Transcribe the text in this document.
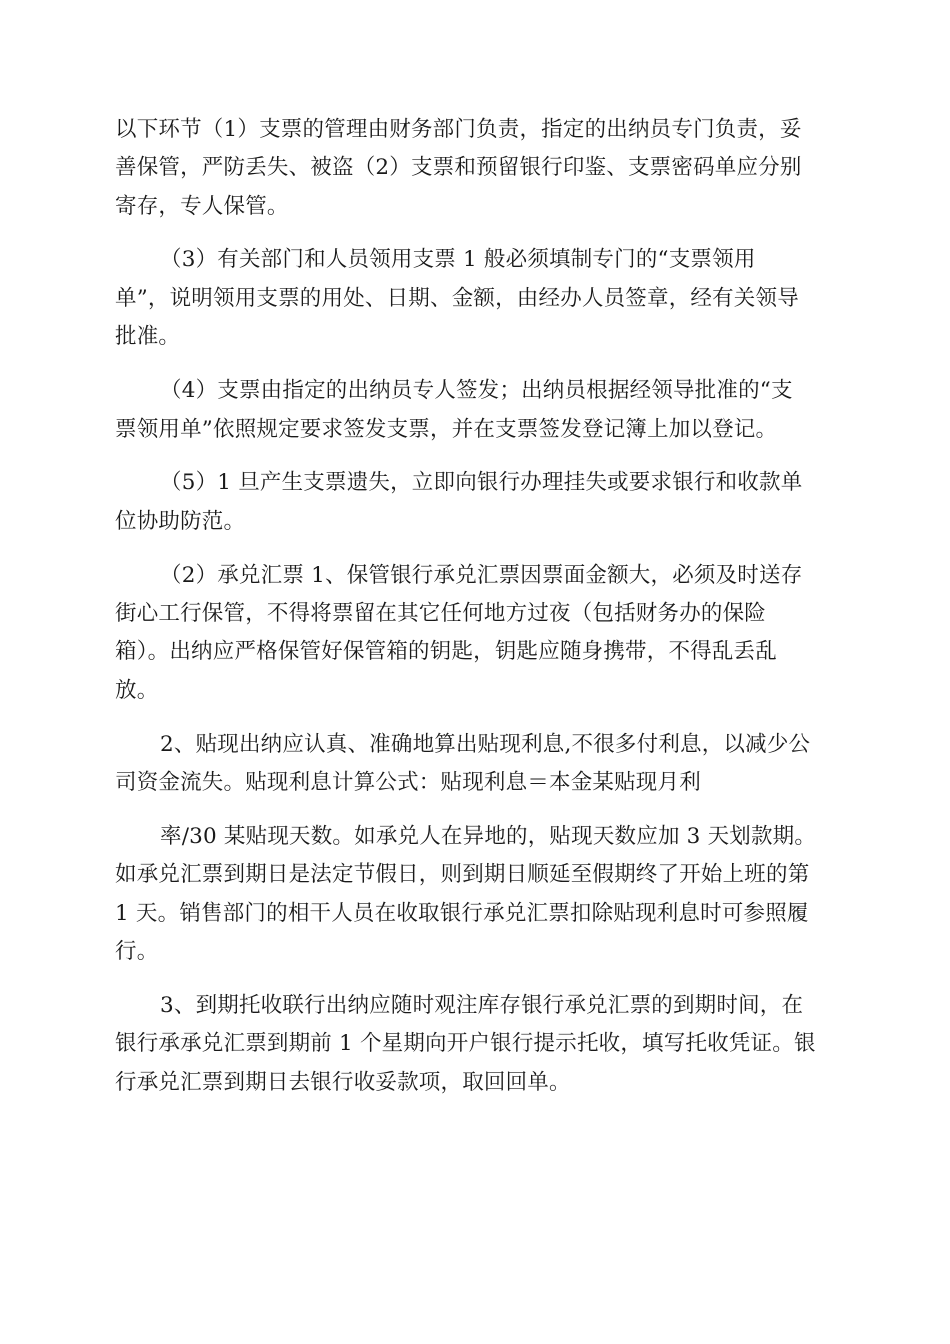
以下环节（1）支票的管理由财务部门负责，指定的出纳员专门负责，妥
善保管，严防丢失、被盗（2）支票和预留银行印鉴、支票密码单应分别
寄存，专人保管。
（3）有关部门和人员领用支票 1 般必须填制专门的“支票领用
单”，说明领用支票的用处、日期、金额，由经办人员签章，经有关领导
批准。
（4）支票由指定的出纳员专人签发；出纳员根据经领导批准的“支
票领用单”依照规定要求签发支票，并在支票签发登记簿上加以登记。
（5）1 旦产生支票遗失，立即向银行办理挂失或要求银行和收款单
位协助防范。
（2）承兑汇票 1、保管银行承兑汇票因票面金额大，必须及时送存
街心工行保管，不得将票留在其它任何地方过夜（包括财务办的保险
箱）。出纳应严格保管好保管箱的钥匙，钥匙应随身携带，不得乱丢乱
放。
2、贴现出纳应认真、准确地算出贴现利息,不很多付利息，以减少公
司资金流失。贴现利息计算公式：贴现利息＝本金某贴现月利
率/30 某贴现天数。如承兑人在异地的，贴现天数应加 3 天划款期。
如承兑汇票到期日是法定节假日，则到期日顺延至假期终了开始上班的第
1 天。销售部门的相干人员在收取银行承兑汇票扣除贴现利息时可参照履
行。
3、到期托收联行出纳应随时观注库存银行承兑汇票的到期时间，在
银行承承兑汇票到期前 1 个星期向开户银行提示托收，填写托收凭证。银
行承兑汇票到期日去银行收妥款项，取回回单。
